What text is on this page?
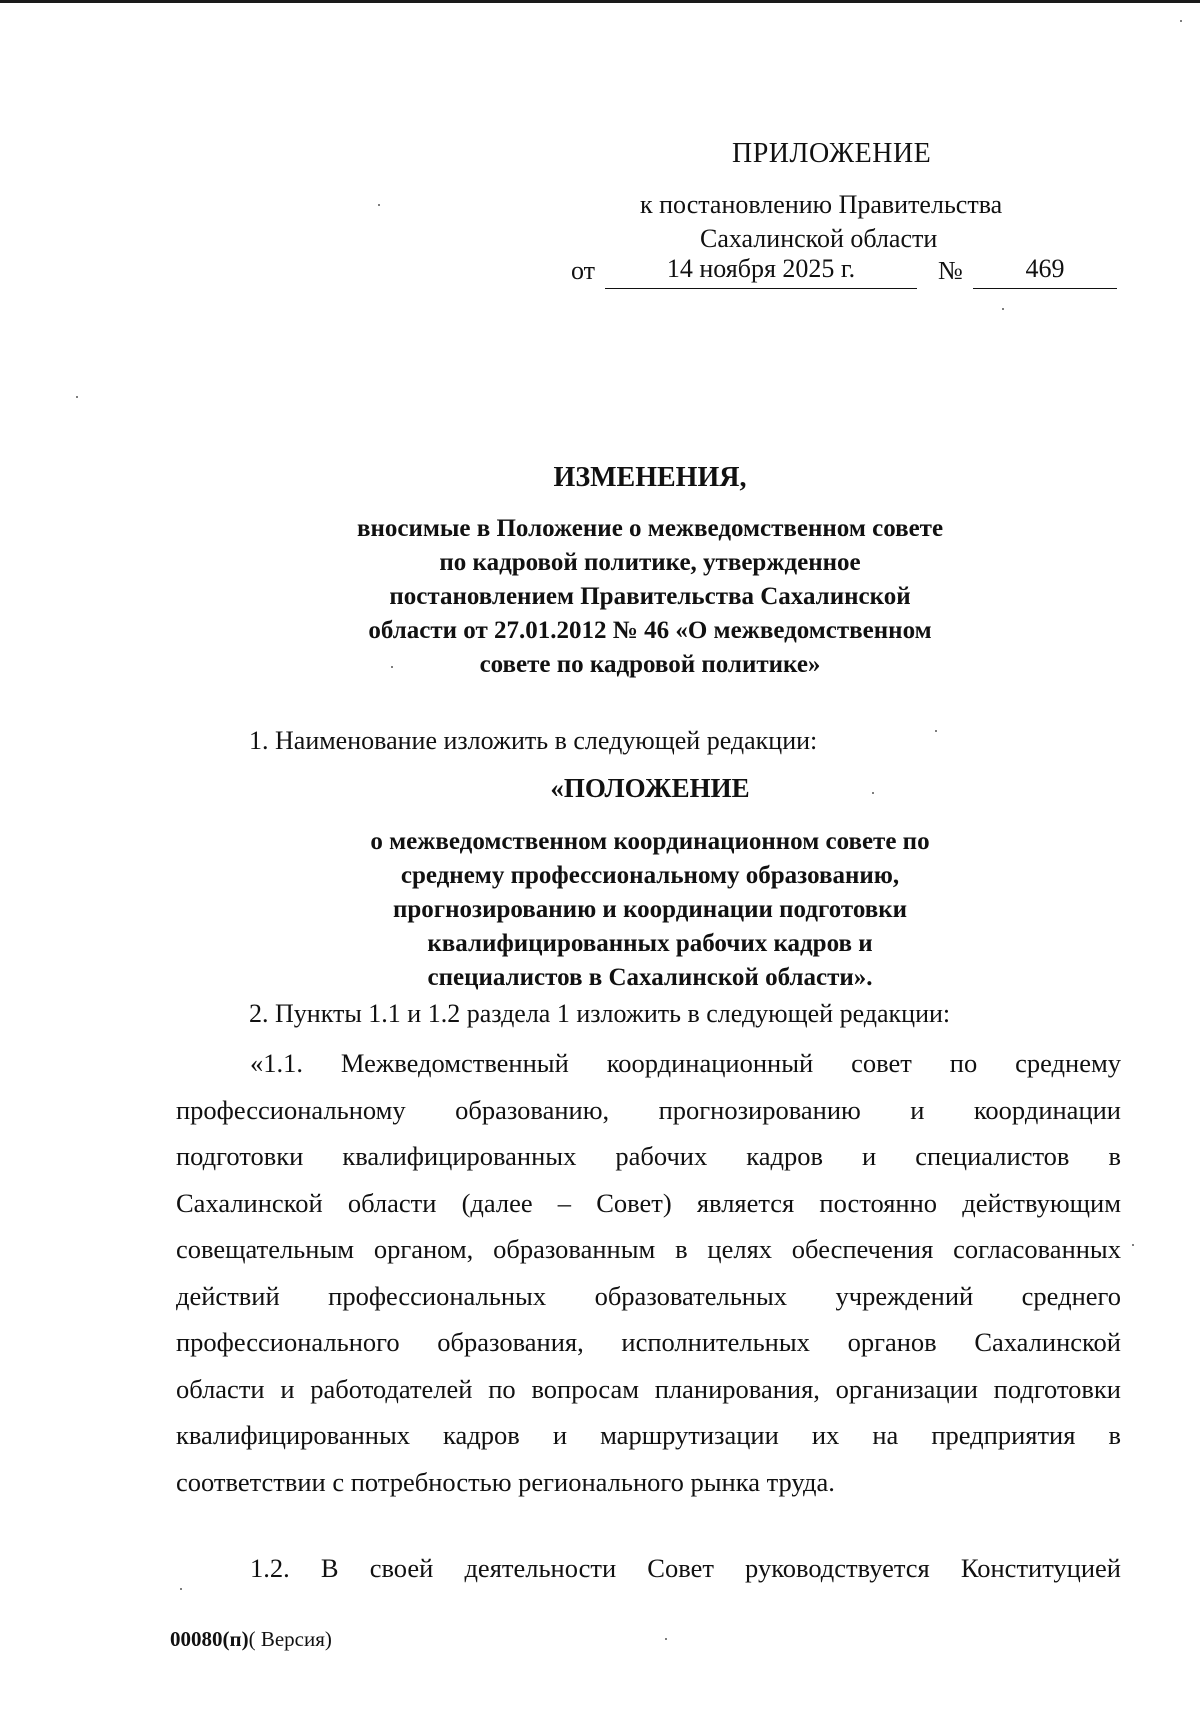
ПРИЛОЖЕНИЕ
к постановлению Правительства
Сахалинской области
от	14 ноября 2025 г.	№	469
ИЗМЕНЕНИЯ,
вносимые в Положение о межведомственном совете
по кадровой политике, утвержденное
постановлением Правительства Сахалинской
области от 27.01.2012 № 46 «О межведомственном
совете по кадровой политике»
1. Наименование изложить в следующей редакции:
«ПОЛОЖЕНИЕ
о межведомственном координационном совете по
среднему профессиональному образованию,
прогнозированию и координации подготовки
квалифицированных рабочих кадров и
специалистов в Сахалинской области».
2. Пункты 1.1 и 1.2 раздела 1 изложить в следующей редакции:
«1.1. Межведомственный координационный совет по среднему
профессиональному образованию, прогнозированию и координации
подготовки квалифицированных рабочих кадров и специалистов в
Сахалинской области (далее – Совет) является постоянно действующим
совещательным органом, образованным в целях обеспечения согласованных
действий профессиональных образовательных учреждений среднего
профессионального образования, исполнительных органов Сахалинской
области и работодателей по вопросам планирования, организации подготовки
квалифицированных кадров и маршрутизации их на предприятия в
соответствии с потребностью регионального рынка труда.
1.2. В своей деятельности Совет руководствуется Конституцией
00080(п)( Версия)
